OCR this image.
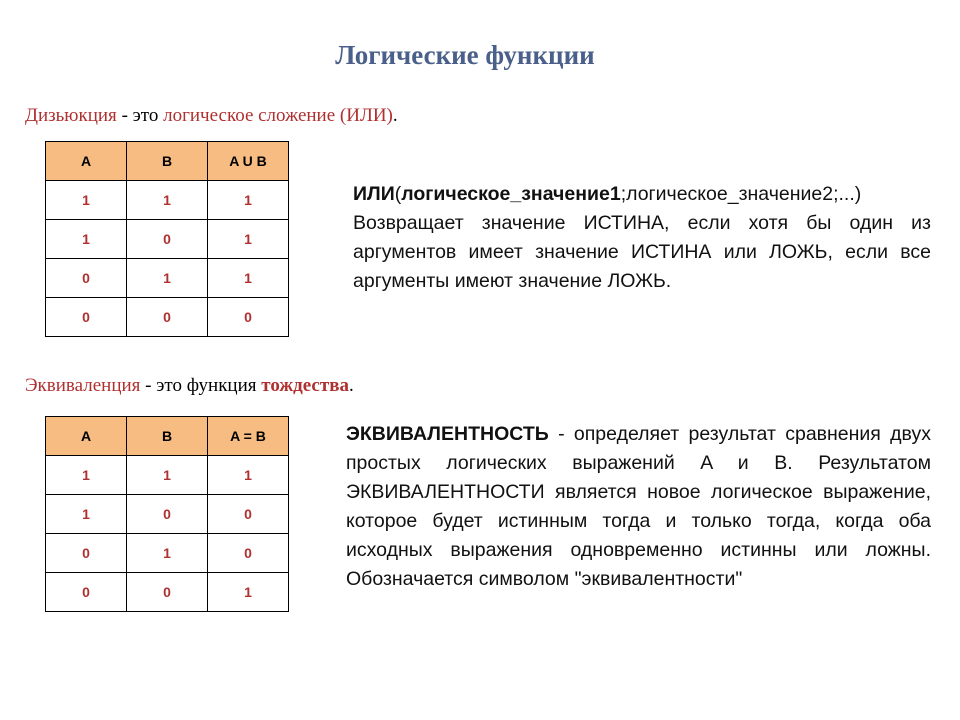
Логические функции
Дизьюкция - это логическое сложение (ИЛИ).
A	B	A U B
1	1	1
1	0	1
0	1	1
0	0	0
ИЛИ(логическое_значение1;логическое_значение2;...) Возвращает значение ИСТИНА, если хотя бы один из аргументов имеет значение ИСТИНА или ЛОЖЬ, если все аргументы имеют значение ЛОЖЬ.
Эквиваленция - это функция тождества.
A	B	A = B
1	1	1
1	0	0
0	1	0
0	0	1
ЭКВИВАЛЕНТНОСТЬ - определяет результат сравнения двух простых логических выражений A и B. Результатом ЭКВИВАЛЕНТНОСТИ является новое логическое выражение, которое будет истинным тогда и только тогда, когда оба исходных выражения одновременно истинны или ложны. Обозначается символом "эквивалентности"
